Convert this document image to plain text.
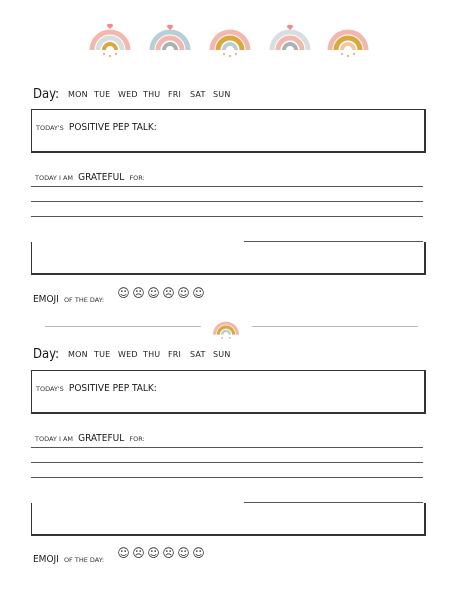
Day: MON TUE WED THU FRI	SAT SUN
TODAY'S POSITIVE PEP TALK:
TODAY I AM GRATEFUL FOR:
EMOJI OF THE DAY:
☺ ☹ ☺ ☹ ☺ ☺
Day: MON TUE WED THU FRI	SAT SUN
TODAY'S POSITIVE PEP TALK:
TODAY I AM GRATEFUL FOR:
EMOJI OF THE DAY:
☺ ☹ ☺ ☹ ☺ ☺
